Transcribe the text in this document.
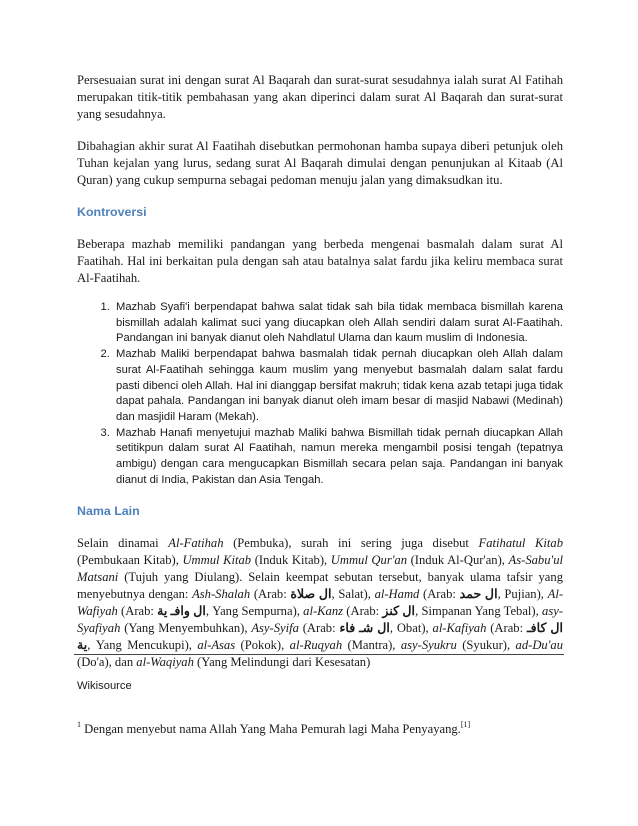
Persesuaian surat ini dengan surat Al Baqarah dan surat-surat sesudahnya ialah surat Al Fatihah merupakan titik-titik pembahasan yang akan diperinci dalam surat Al Baqarah dan surat-surat yang sesudahnya.

Dibahagian akhir surat Al Faatihah disebutkan permohonan hamba supaya diberi petunjuk oleh Tuhan kejalan yang lurus, sedang surat Al Baqarah dimulai dengan penunjukan al Kitaab (Al Quran) yang cukup sempurna sebagai pedoman menuju jalan yang dimaksudkan itu.

Kontroversi

Beberapa mazhab memiliki pandangan yang berbeda mengenai basmalah dalam surat Al Faatihah. Hal ini berkaitan pula dengan sah atau batalnya salat fardu jika keliru membaca surat Al-Faatihah.

1. Mazhab Syafi'i berpendapat bahwa salat tidak sah bila tidak membaca bismillah karena bismillah adalah kalimat suci yang diucapkan oleh Allah sendiri dalam surat Al-Faatihah. Pandangan ini banyak dianut oleh Nahdlatul Ulama dan kaum muslim di Indonesia.
2. Mazhab Maliki berpendapat bahwa basmalah tidak pernah diucapkan oleh Allah dalam surat Al-Faatihah sehingga kaum muslim yang menyebut basmalah dalam salat fardu pasti dibenci oleh Allah. Hal ini dianggap bersifat makruh; tidak kena azab tetapi juga tidak dapat pahala. Pandangan ini banyak dianut oleh imam besar di masjid Nabawi (Medinah) dan masjidil Haram (Mekah).
3. Mazhab Hanafi menyetujui mazhab Maliki bahwa Bismillah tidak pernah diucapkan Allah setitikpun dalam surat Al Faatihah, namun mereka mengambil posisi tengah (tepatnya ambigu) dengan cara mengucapkan Bismillah secara pelan saja. Pandangan ini banyak dianut di India, Pakistan dan Asia Tengah.
Nama Lain

Selain dinamai Al-Fatihah (Pembuka), surah ini sering juga disebut Fatihatul Kitab (Pembukaan Kitab), Ummul Kitab (Induk Kitab), Ummul Qur'an (Induk Al-Qur'an), As-Sabu'ul Matsani (Tujuh yang Diulang). Selain keempat sebutan tersebut, banyak ulama tafsir yang menyebutnya dengan: Ash-Shalah (Arab: ال صلاة, Salat), al-Hamd (Arab: ال حمد, Pujian), Al-Wafiyah (Arab: ال وافـ ية, Yang Sempurna), al-Kanz (Arab: ال كنز, Simpanan Yang Tebal), asy-Syafiyah (Yang Menyembuhkan), Asy-Syifa (Arab: ال شـ فاء, Obat), al-Kafiyah (Arab: ال كافـ ية, Yang Mencukupi), al-Asas (Pokok), al-Ruqyah (Mantra), asy-Syukru (Syukur), ad-Du'au (Do'a), dan al-Waqiyah (Yang Melindungi dari Kesesatan)

Wikisource
$^1$ Dengan menyebut nama Allah Yang Maha Pemurah lagi Maha Penyayang.[1]
